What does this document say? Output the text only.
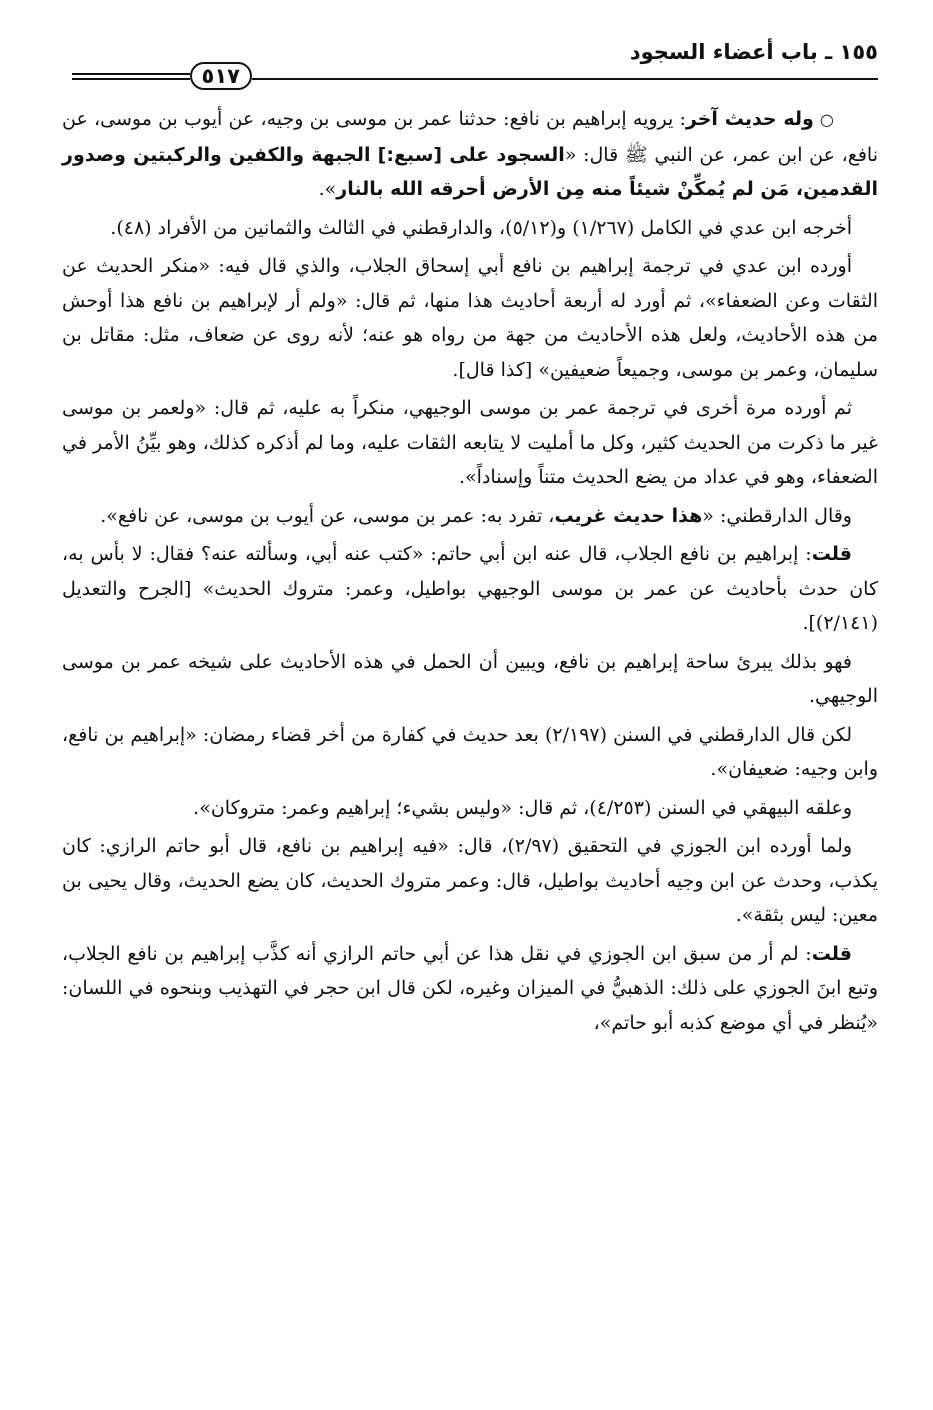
١٥٥ ـ باب أعضاء السجود
٥١٧

○وله حديث آخر: يرويه إبراهيم بن نافع: حدثنا عمر بن موسى بن وجيه، عن أيوب بن موسى، عن نافع، عن ابن عمر، عن النبي ﷺ قال: «السجود على [سبع:] الجبهة والكفين والركبتين وصدور القدمين، مَن لم يُمكِّنْ شيئاً منه مِن الأرض أحرقه الله بالنار».

أخرجه ابن عدي في الكامل (١/٢٦٧) و(٥/١٢)، والدارقطني في الثالث والثمانين من الأفراد (٤٨).

أورده ابن عدي في ترجمة إبراهيم بن نافع أبي إسحاق الجلاب، والذي قال فيه: «منكر الحديث عن الثقات وعن الضعفاء»، ثم أورد له أربعة أحاديث هذا منها، ثم قال: «ولم أر لإبراهيم بن نافع هذا أوحش من هذه الأحاديث، ولعل هذه الأحاديث من جهة من رواه هو عنه؛ لأنه روى عن ضعاف، مثل: مقاتل بن سليمان، وعمر بن موسى، وجميعاً ضعيفين» [كذا قال].

ثم أورده مرة أخرى في ترجمة عمر بن موسى الوجيهي، منكراً به عليه، ثم قال: «ولعمر بن موسى غير ما ذكرت من الحديث كثير، وكل ما أمليت لا يتابعه الثقات عليه، وما لم أذكره كذلك، وهو بيِّنُ الأمر في الضعفاء، وهو في عداد من يضع الحديث متناً وإسناداً».

وقال الدارقطني: «هذا حديث غريب، تفرد به: عمر بن موسى، عن أيوب بن موسى، عن نافع».

قلت: إبراهيم بن نافع الجلاب، قال عنه ابن أبي حاتم: «كتب عنه أبي، وسألته عنه؟ فقال: لا بأس به، كان حدث بأحاديث عن عمر بن موسى الوجيهي بواطيل، وعمر: متروك الحديث» [الجرح والتعديل (٢/١٤١)].

فهو بذلك يبرئ ساحة إبراهيم بن نافع، ويبين أن الحمل في هذه الأحاديث على شيخه عمر بن موسى الوجيهي.

لكن قال الدارقطني في السنن (٢/١٩٧) بعد حديث في كفارة من أخر قضاء رمضان: «إبراهيم بن نافع، وابن وجيه: ضعيفان».

وعلقه البيهقي في السنن (٤/٢٥٣)، ثم قال: «وليس بشيء؛ إبراهيم وعمر: متروكان».

ولما أورده ابن الجوزي في التحقيق (٢/٩٧)، قال: «فيه إبراهيم بن نافع، قال أبو حاتم الرازي: كان يكذب، وحدث عن ابن وجيه أحاديث بواطيل، قال: وعمر متروك الحديث، كان يضع الحديث، وقال يحيى بن معين: ليس بثقة».

قلت: لم أر من سبق ابن الجوزي في نقل هذا عن أبي حاتم الرازي أنه كذَّب إبراهيم بن نافع الجلاب، وتبع ابنَ الجوزي على ذلك: الذهبيُّ في الميزان وغيره، لكن قال ابن حجر في التهذيب وبنحوه في اللسان: «يُنظر في أي موضع كذبه أبو حاتم»،
